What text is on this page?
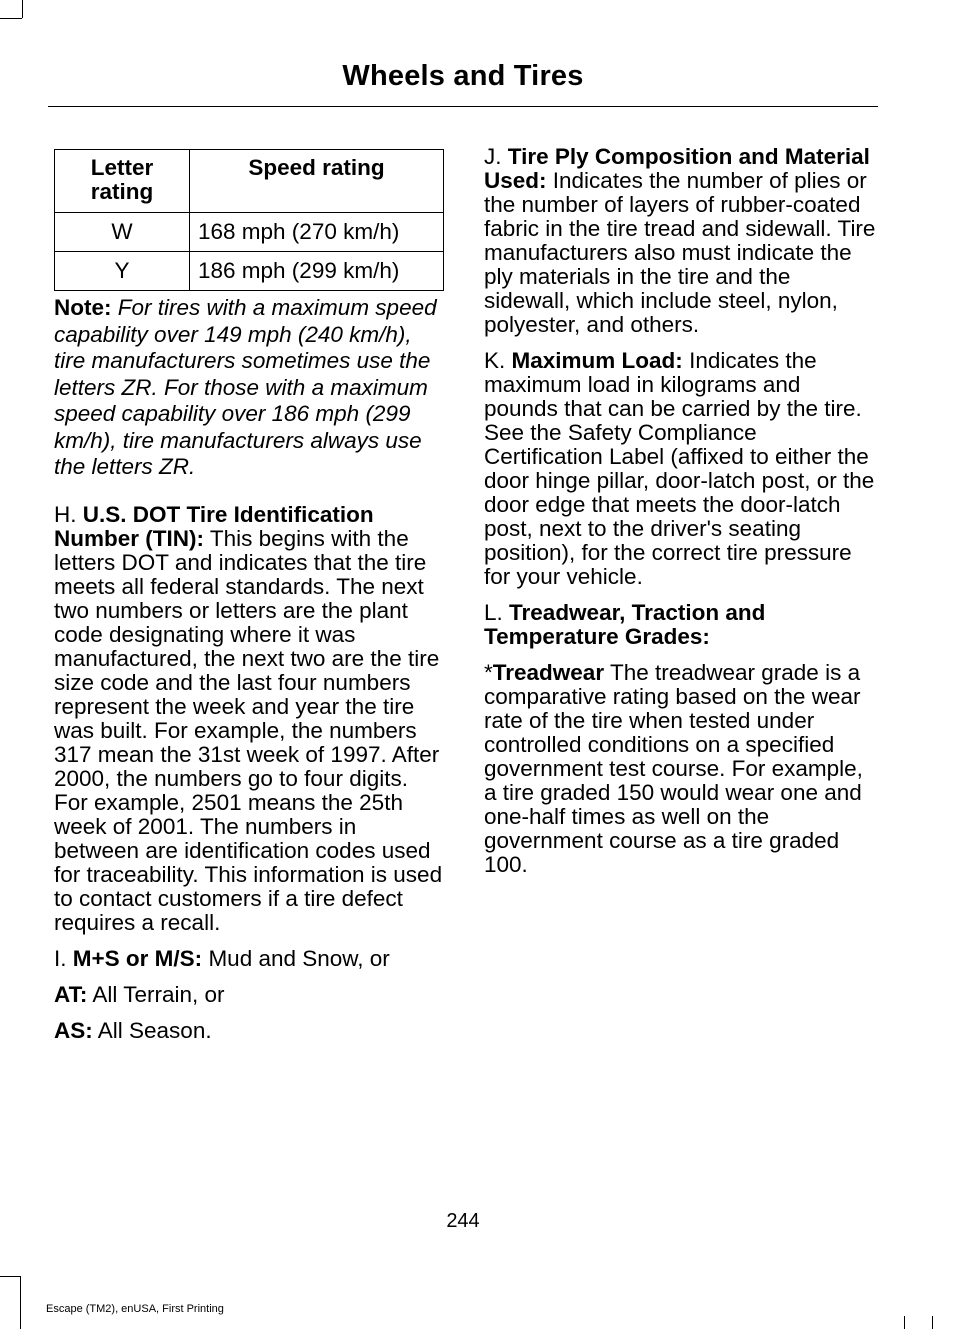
Wheels and Tires
Letter rating	Speed rating
W	168 mph (270 km/h)
Y	186 mph (299 km/h)

Note: For tires with a maximum speed capability over 149 mph (240 km/h), tire manufacturers sometimes use the letters ZR. For those with a maximum speed capability over 186 mph (299 km/h), tire manufacturers always use the letters ZR.

H. U.S. DOT Tire Identification Number (TIN): This begins with the letters DOT and indicates that the tire meets all federal standards. The next two numbers or letters are the plant code designating where it was manufactured, the next two are the tire size code and the last four numbers represent the week and year the tire was built. For example, the numbers 317 mean the 31st week of 1997. After 2000, the numbers go to four digits. For example, 2501 means the 25th week of 2001. The numbers in between are identification codes used for traceability. This information is used to contact customers if a tire defect requires a recall.

I. M+S or M/S: Mud and Snow, or

AT: All Terrain, or

AS: All Season.

J. Tire Ply Composition and Material Used: Indicates the number of plies or the number of layers of rubber-coated fabric in the tire tread and sidewall. Tire manufacturers also must indicate the ply materials in the tire and the sidewall, which include steel, nylon, polyester, and others.

K. Maximum Load: Indicates the maximum load in kilograms and pounds that can be carried by the tire. See the Safety Compliance Certification Label (affixed to either the door hinge pillar, door-latch post, or the door edge that meets the door-latch post, next to the driver's seating position), for the correct tire pressure for your vehicle.

L. Treadwear, Traction and Temperature Grades:

*Treadwear The treadwear grade is a comparative rating based on the wear rate of the tire when tested under controlled conditions on a specified government test course. For example, a tire graded 150 would wear one and one-half times as well on the government course as a tire graded 100.

244
Escape (TM2), enUSA, First Printing
